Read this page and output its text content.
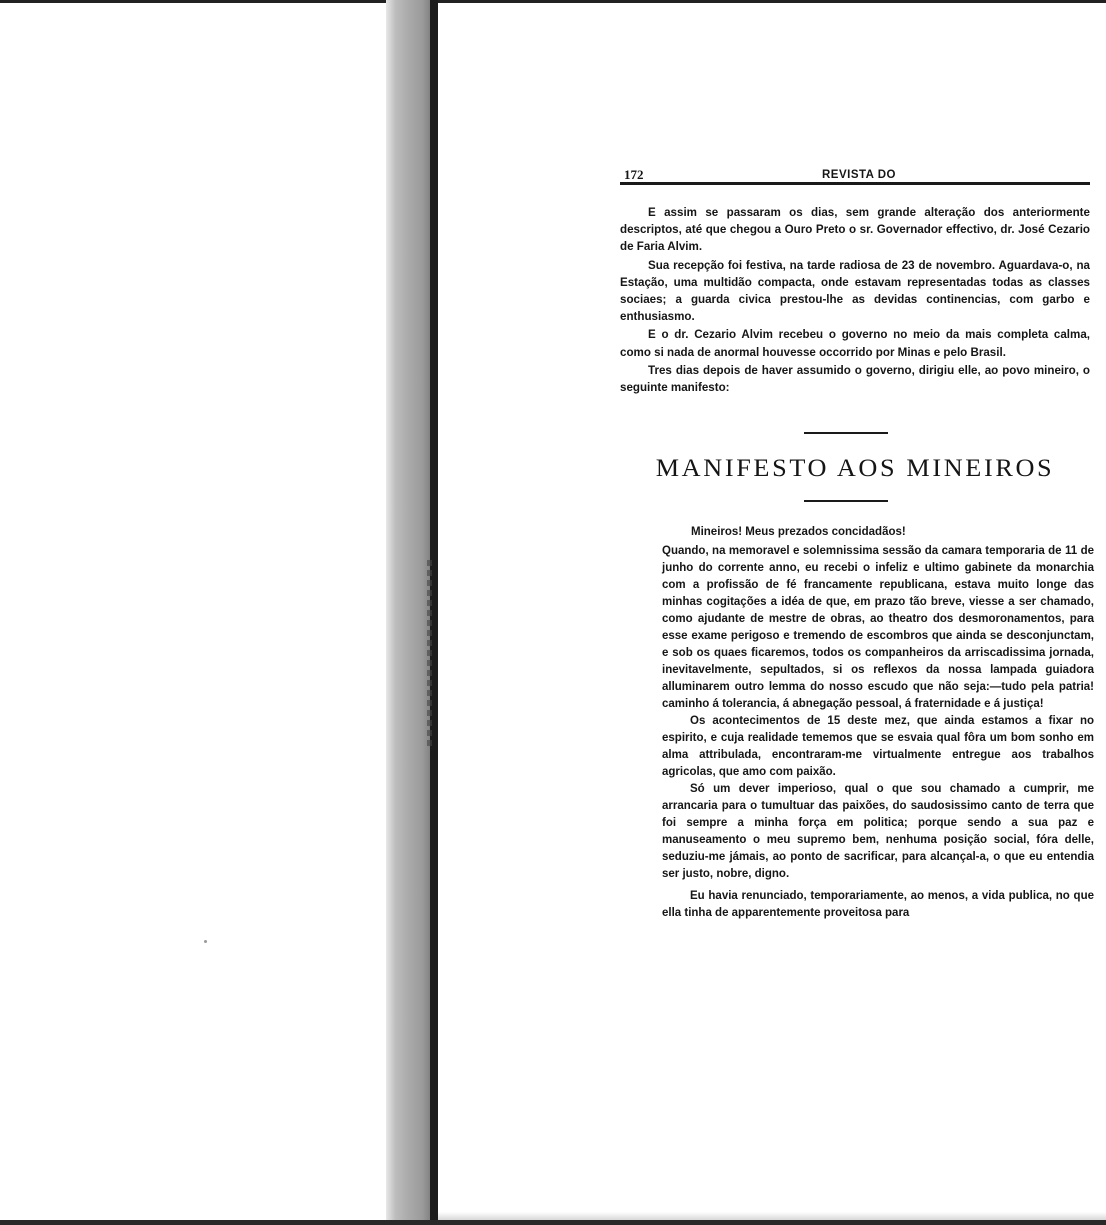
172	REVISTA DO

E assim se passaram os dias, sem grande alteração dos anteriormente descriptos, até que chegou a Ouro Preto o sr. Governador effectivo, dr. José Cezario de Faria Alvim.

Sua recepção foi festiva, na tarde radiosa de 23 de novembro. Aguardava-o, na Estação, uma multidão compacta, onde estavam representadas todas as classes sociaes; a guarda civica prestou-lhe as devidas continencias, com garbo e enthusiasmo.

E o dr. Cezario Alvim recebeu o governo no meio da mais completa calma, como si nada de anormal houvesse occorrido por Minas e pelo Brasil.

Tres dias depois de haver assumido o governo, dirigiu elle, ao povo mineiro, o seguinte manifesto:

MANIFESTO AOS MINEIROS

Mineiros! Meus prezados concidadãos!

Quando, na memoravel e solemnissima sessão da camara temporaria de 11 de junho do corrente anno, eu recebi o infeliz e ultimo gabinete da monarchia com a profissão de fé francamente republicana, estava muito longe das minhas cogitações a idéa de que, em prazo tão breve, viesse a ser chamado, como ajudante de mestre de obras, ao theatro dos desmoronamentos, para esse exame perigoso e tremendo de escombros que ainda se desconjunctam, e sob os quaes ficaremos, todos os companheiros da arriscadissima jornada, inevitavelmente, sepultados, si os reflexos da nossa lampada guiadora alluminarem outro lemma do nosso escudo que não seja:—tudo pela patria! caminho á tolerancia, á abnegação pessoal, á fraternidade e á justiça!

Os acontecimentos de 15 deste mez, que ainda estamos a fixar no espirito, e cuja realidade tememos que se esvaia qual fôra um bom sonho em alma attribulada, encontraram-me virtualmente entregue aos trabalhos agricolas, que amo com paixão.

Só um dever imperioso, qual o que sou chamado a cumprir, me arrancaria para o tumultuar das paixões, do saudosissimo canto de terra que foi sempre a minha força em politica; porque sendo a sua paz e manuseamento o meu supremo bem, nenhuma posição social, fóra delle, seduziu-me jámais, ao ponto de sacrificar, para alcançal-a, o que eu entendia ser justo, nobre, digno.

Eu havia renunciado, temporariamente, ao menos, a vida publica, no que ella tinha de apparentemente proveitosa para
